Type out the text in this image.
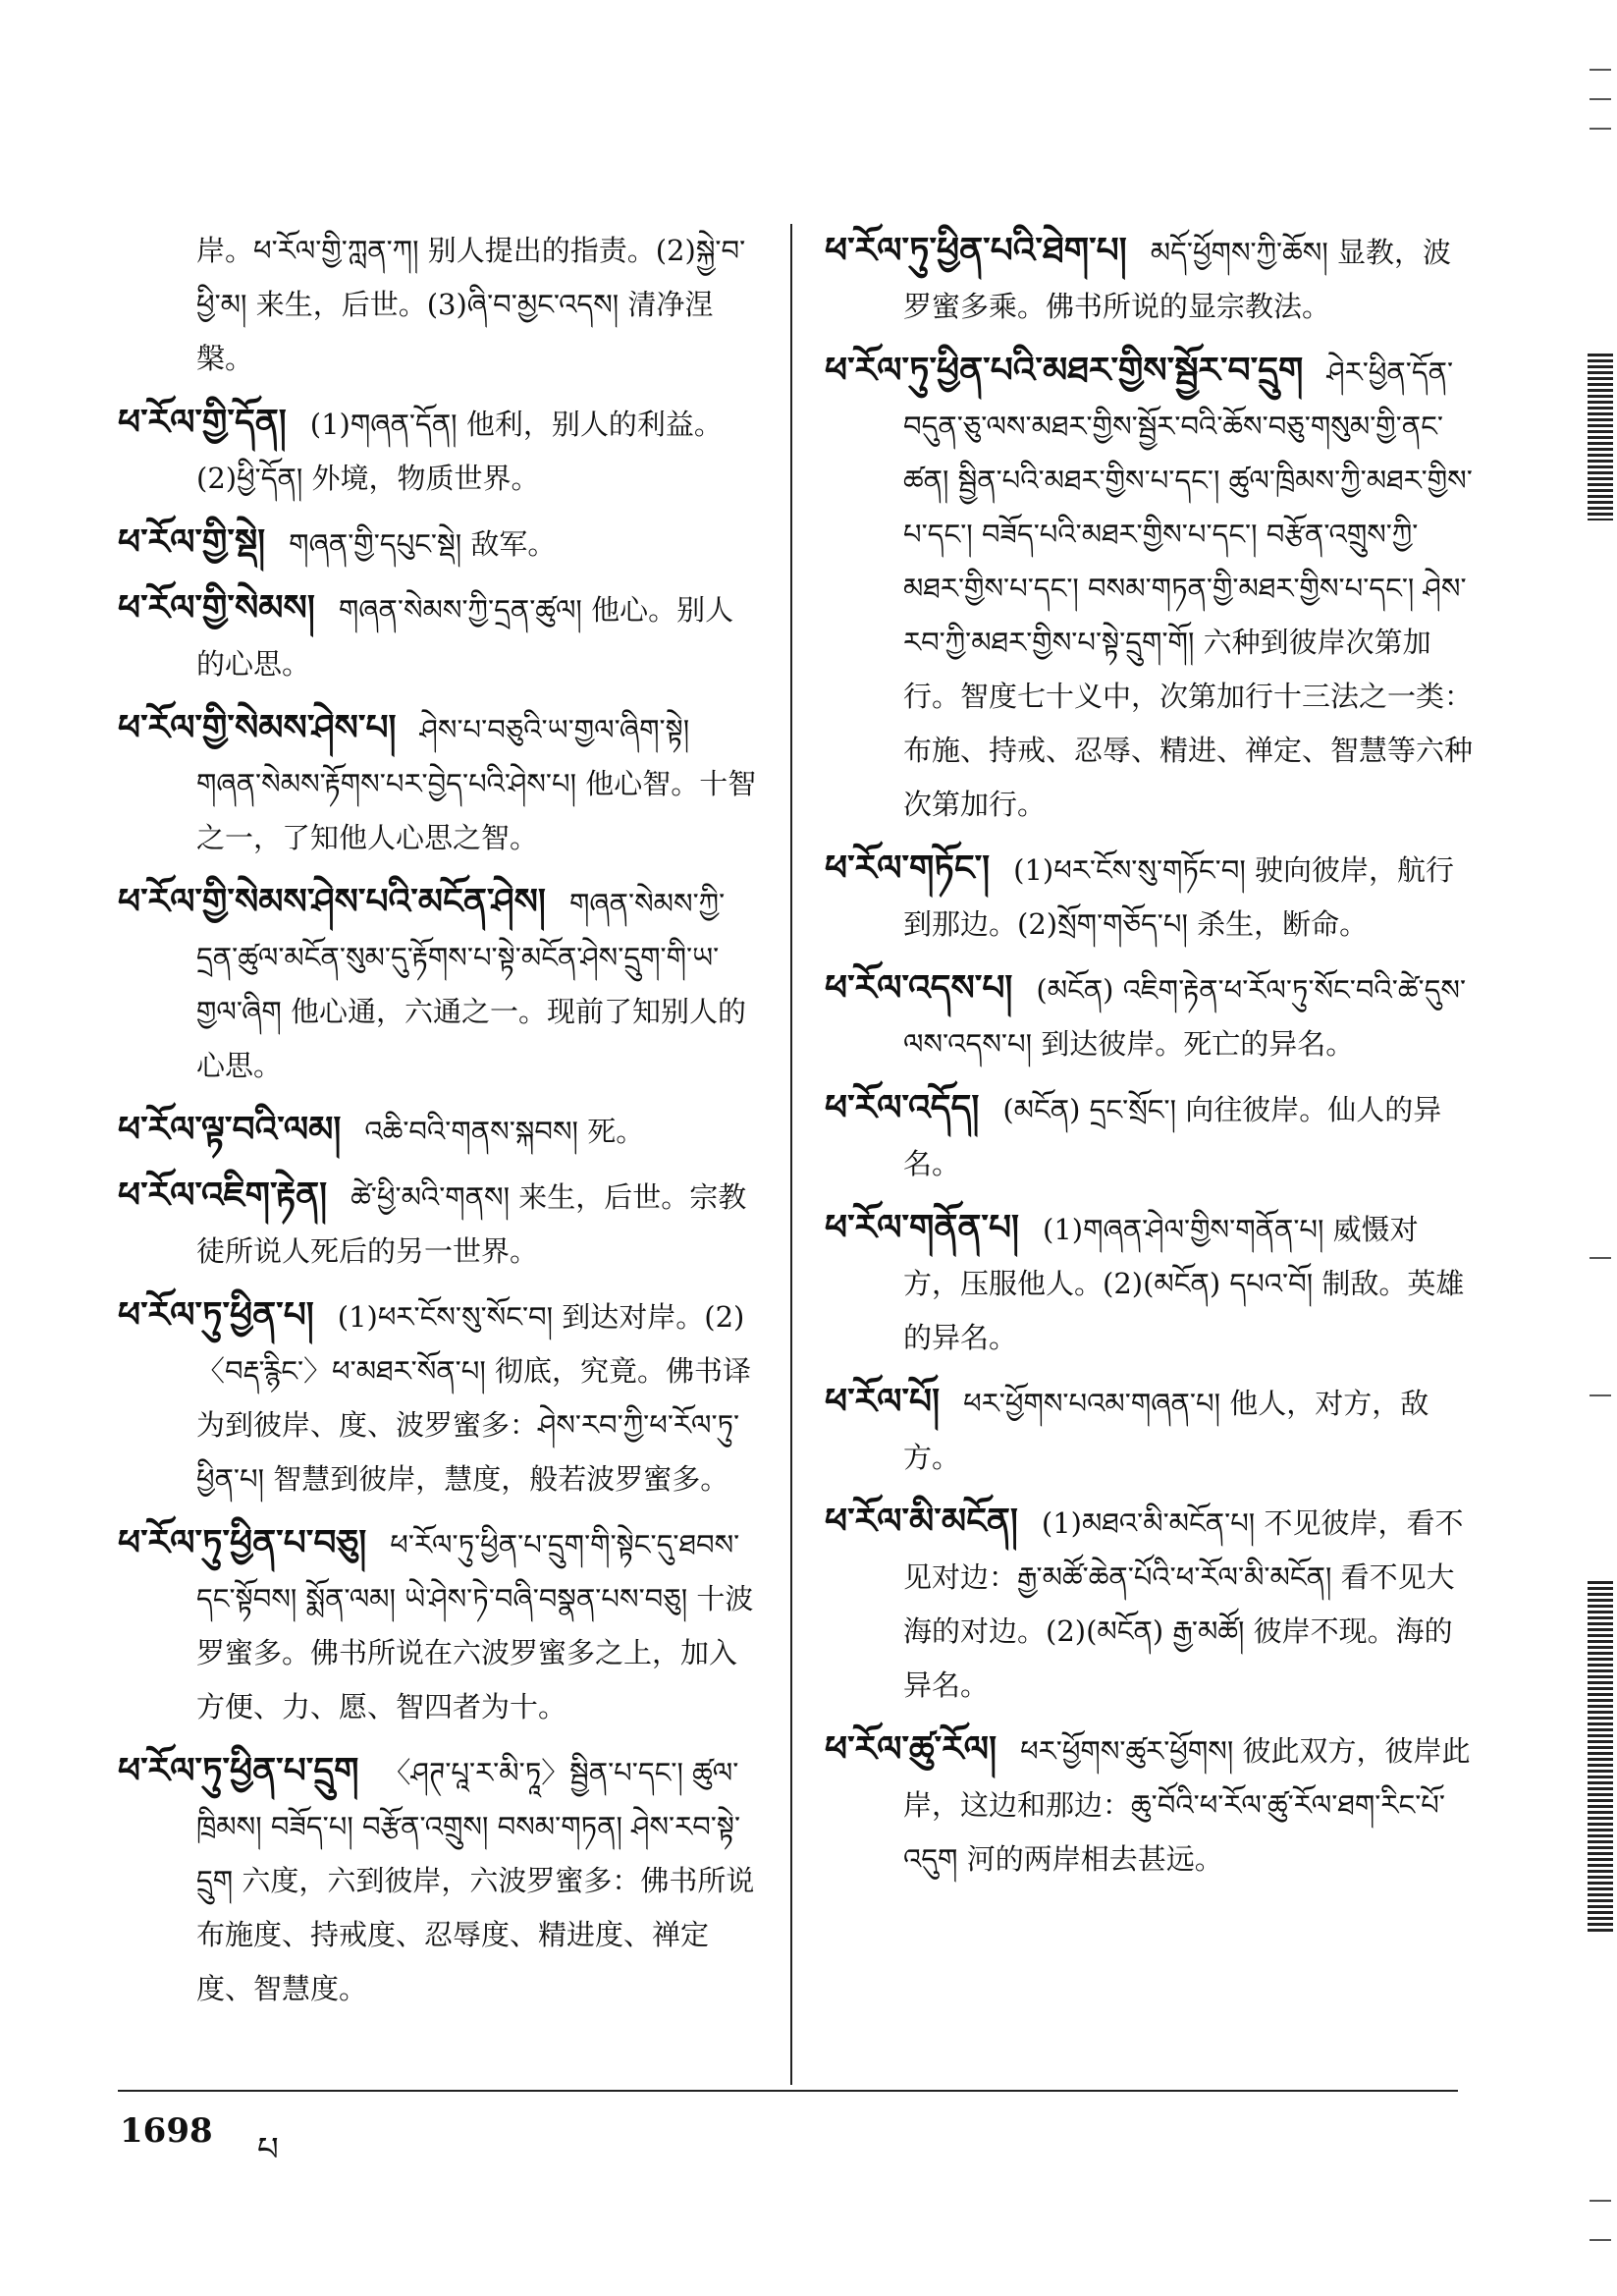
岸。ཕ་རོལ་གྱི་ཀླན་ཀ། 别人提出的指责。(2)སྐྱེ་བ་ཕྱི་མ། 来生，后世。(3)ཞི་བ་མྱང་འདས། 清净涅槃。
ཕ་རོལ་གྱི་དོན། (1)གཞན་དོན། 他利，别人的利益。(2)ཕྱི་དོན། 外境，物质世界。
ཕ་རོལ་གྱི་སྡེ། གཞན་གྱི་དཔུང་སྡེ། 敌军。
ཕ་རོལ་གྱི་སེམས། གཞན་སེམས་ཀྱི་དྲན་ཚུལ། 他心。别人的心思。
ཕ་རོལ་གྱི་སེམས་ཤེས་པ། ཤེས་པ་བཅུའི་ཡ་གྱལ་ཞིག་སྟེ། གཞན་སེམས་རྟོགས་པར་བྱེད་པའི་ཤེས་པ། 他心智。十智之一，了知他人心思之智。
ཕ་རོལ་གྱི་སེམས་ཤེས་པའི་མངོན་ཤེས། གཞན་སེམས་ཀྱི་དྲན་ཚུལ་མངོན་སུམ་དུ་རྟོགས་པ་སྟེ་མངོན་ཤེས་དྲུག་གི་ཡ་གྱལ་ཞིག 他心通，六通之一。现前了知别人的心思。
ཕ་རོལ་ལྟ་བའི་ལམ། འཆི་བའི་གནས་སྐབས། 死。
ཕ་རོལ་འཇིག་རྟེན། ཚེ་ཕྱི་མའི་གནས། 来生，后世。宗教徒所说人死后的另一世界。
ཕ་རོལ་ཏུ་ཕྱིན་པ། (1)ཕར་ངོས་སུ་སོང་བ། 到达对岸。(2)〈བརྡ་རྙིང་〉ཕ་མཐར་སོན་པ། 彻底，究竟。佛书译为到彼岸、度、波罗蜜多：ཤེས་རབ་ཀྱི་ཕ་རོལ་ཏུ་ཕྱིན་པ། 智慧到彼岸，慧度，般若波罗蜜多。
ཕ་རོལ་ཏུ་ཕྱིན་པ་བཅུ། ཕ་རོལ་ཏུ་ཕྱིན་པ་དྲུག་གི་སྟེང་དུ་ཐབས་དང་སྟོབས། སྨོན་ལམ། ཡེ་ཤེས་ཏེ་བཞི་བསྣན་པས་བཅུ། 十波罗蜜多。佛书所说在六波罗蜜多之上，加入方便、力、愿、智四者为十。
ཕ་རོལ་ཏུ་ཕྱིན་པ་དྲུག 〈ཤཊ་པཱ་ར་མི་ཏཱ〉སྦྱིན་པ་དང་། ཚུལ་ཁྲིམས། བཟོད་པ། བརྩོན་འགྲུས། བསམ་གཏན། ཤེས་རབ་སྟེ་དྲུག 六度，六到彼岸，六波罗蜜多：佛书所说布施度、持戒度、忍辱度、精进度、禅定度、智慧度。
ཕ་རོལ་ཏུ་ཕྱིན་པའི་ཐེག་པ། མདོ་ཕྱོགས་ཀྱི་ཆོས། 显教，波罗蜜多乘。佛书所说的显宗教法。
ཕ་རོལ་ཏུ་ཕྱིན་པའི་མཐར་གྱིས་སྦྱོར་བ་དྲུག ཤེར་ཕྱིན་དོན་བདུན་ཅུ་ལས་མཐར་གྱིས་སྦྱོར་བའི་ཆོས་བཅུ་གསུམ་གྱི་ནང་ཚན། སྦྱིན་པའི་མཐར་གྱིས་པ་དང་། ཚུལ་ཁྲིམས་ཀྱི་མཐར་གྱིས་པ་དང་། བཟོད་པའི་མཐར་གྱིས་པ་དང་། བརྩོན་འགྲུས་ཀྱི་མཐར་གྱིས་པ་དང་། བསམ་གཏན་གྱི་མཐར་གྱིས་པ་དང་། ཤེས་རབ་ཀྱི་མཐར་གྱིས་པ་སྟེ་དྲུག་གོ། 六种到彼岸次第加行。智度七十义中，次第加行十三法之一类：布施、持戒、忍辱、精进、禅定、智慧等六种次第加行。
ཕ་རོལ་གཏོང་། (1)ཕར་ངོས་སུ་གཏོང་བ། 驶向彼岸，航行到那边。(2)སྲོག་གཅོད་པ། 杀生，断命。
ཕ་རོལ་འདས་པ། (མངོན) འཇིག་རྟེན་ཕ་རོལ་ཏུ་སོང་བའི་ཚེ་དུས་ལས་འདས་པ། 到达彼岸。死亡的异名。
ཕ་རོལ་འདོད། (མངོན) དྲང་སྲོང་། 向往彼岸。仙人的异名。
ཕ་རོལ་གནོན་པ། (1)གཞན་ཤེལ་གྱིས་གནོན་པ། 威慑对方，压服他人。(2)(མངོན) དཔའ་བོ། 制敌。英雄的异名。
ཕ་རོལ་པོ། ཕར་ཕྱོགས་པའམ་གཞན་པ། 他人，对方，敌方。
ཕ་རོལ་མི་མངོན། (1)མཐའ་མི་མངོན་པ། 不见彼岸，看不见对边：རྒྱ་མཚོ་ཆེན་པོའི་ཕ་རོལ་མི་མངོན། 看不见大海的对边。(2)(མངོན) རྒྱ་མཚོ། 彼岸不现。海的异名。
ཕ་རོལ་ཚུ་རོལ། ཕར་ཕྱོགས་ཚུར་ཕྱོགས། 彼此双方，彼岸此岸，这边和那边：ཆུ་བོའི་ཕ་རོལ་ཚུ་རོལ་ཐག་རིང་པོ་འདུག 河的两岸相去甚远。
1698 པ
